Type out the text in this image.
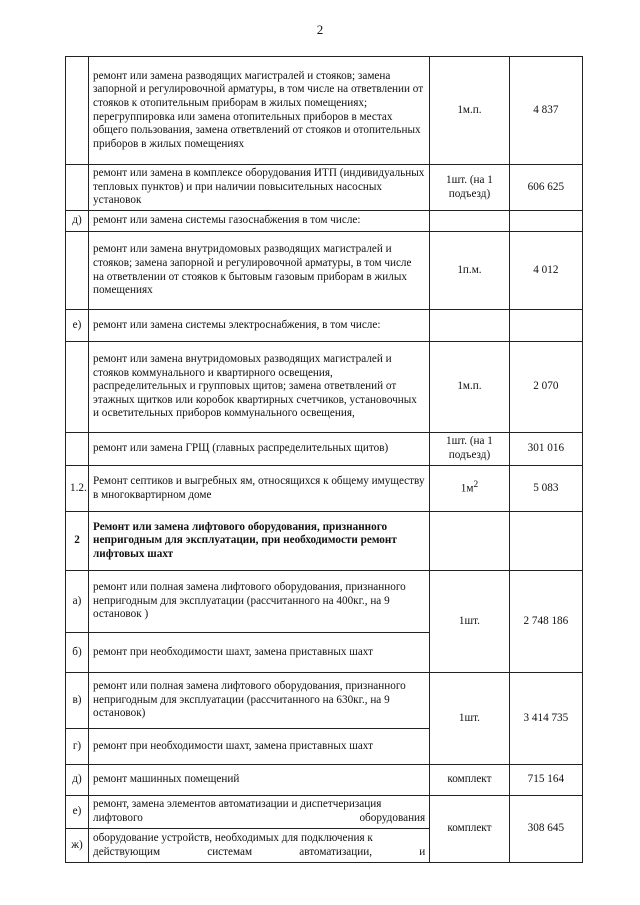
2
	ремонт или замена разводящих магистралей и стояков; замена запорной и регулировочной арматуры, в том числе на ответвлении от стояков к отопительным приборам в жилых помещениях; перегруппировка или замена отопительных приборов в местах общего пользования, замена ответвлений от стояков и отопительных приборов в жилых помещениях	1м.п.	4 837
	ремонт или замена в комплексе оборудования ИТП (индивидуальных тепловых пунктов) и при наличии повысительных насосных установок	1шт. (на 1 подъезд)	606 625
д)	ремонт или замена системы газоснабжения в том числе:		
	ремонт или замена внутридомовых разводящих магистралей и стояков; замена запорной и регулировочной арматуры, в том числе на ответвлении от стояков к бытовым газовым приборам в жилых помещениях	1п.м.	4 012
е)	ремонт или замена системы электроснабжения, в том числе:		
	ремонт или замена внутридомовых разводящих магистралей и стояков коммунального и квартирного освещения, распределительных и групповых щитов; замена ответвлений от этажных щитков или коробок квартирных счетчиков, установочных и осветительных приборов коммунального освещения,	1м.п.	2 070
	ремонт или замена ГРЩ (главных распределительных щитов)	1шт. (на 1 подъезд)	301 016
1.2.	Ремонт септиков и выгребных ям, относящихся к общему имуществу в многоквартирном доме	$1м^2$	5 083
2	Ремонт или замена лифтового оборудования, признанного непригодным для эксплуатации, при необходимости ремонт лифтовых шахт		
а)	ремонт или полная замена лифтового оборудования, признанного непригодным для эксплуатации (рассчитанного на 400кг., на 9 остановок )	1шт.	2 748 186
б)	ремонт при необходимости шахт, замена приставных шахт		
в)	ремонт или полная замена лифтового оборудования, признанного непригодным для эксплуатации (рассчитанного на 630кг., на 9 остановок)	1шт.	3 414 735
г)	ремонт при необходимости шахт, замена приставных шахт		
д)	ремонт машинных помещений	комплект	715 164
е)	ремонт, замена элементов автоматизации и диспетчеризация лифтового оборудования	комплект	308 645
ж)	оборудование устройств, необходимых для подключения к действующим системам автоматизации, и		
